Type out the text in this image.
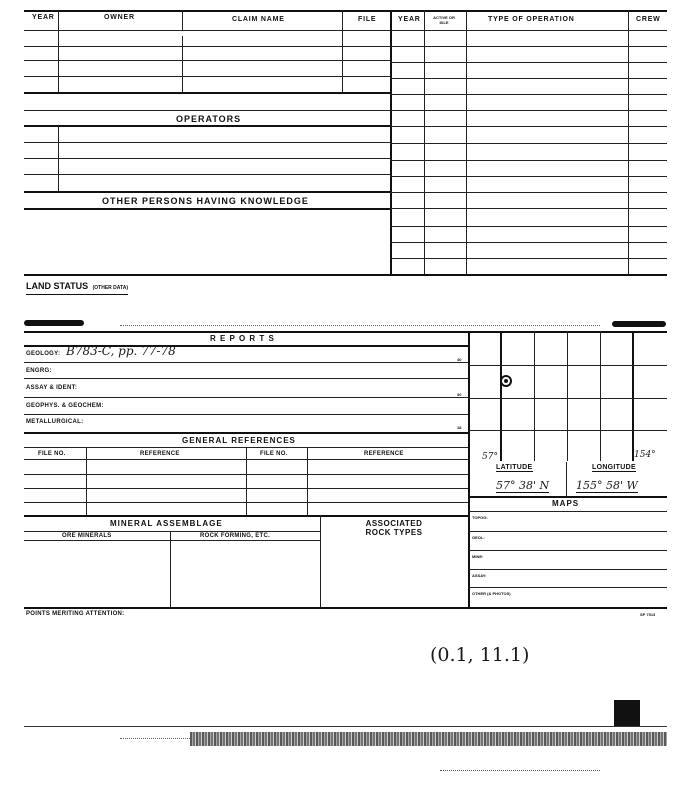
YEAR	OWNER	CLAIM NAME	FILE	YEAR	ACTIVE OR IDLE	TYPE OF OPERATION	CREW
OPERATORS
OTHER PERSONS HAVING KNOWLEDGE
LAND STATUS (OTHER DATA)
R E P O R T S
GEOLOGY: B783-C, pp. 77-78
40
ENGRG:
ASSAY & IDENT:
30
GEOPHYS. & GEOCHEM:
METALLURGICAL:
18
GENERAL REFERENCES
FILE NO.	REFERENCE	FILE NO.	REFERENCE
MINERAL ASSEMBLAGE
ORE MINERALS	ROCK FORMING, ETC.
ASSOCIATED ROCK TYPES
57°	154°
LATITUDE	LONGITUDE
57° 38' N 155° 58' W
MAPS
TOPOG:
GEOL:
MINE:
ASSAY:
OTHER (& PHOTOS)
POINTS MERITING ATTENTION:	SP 7513
(0.1, 11.1)
